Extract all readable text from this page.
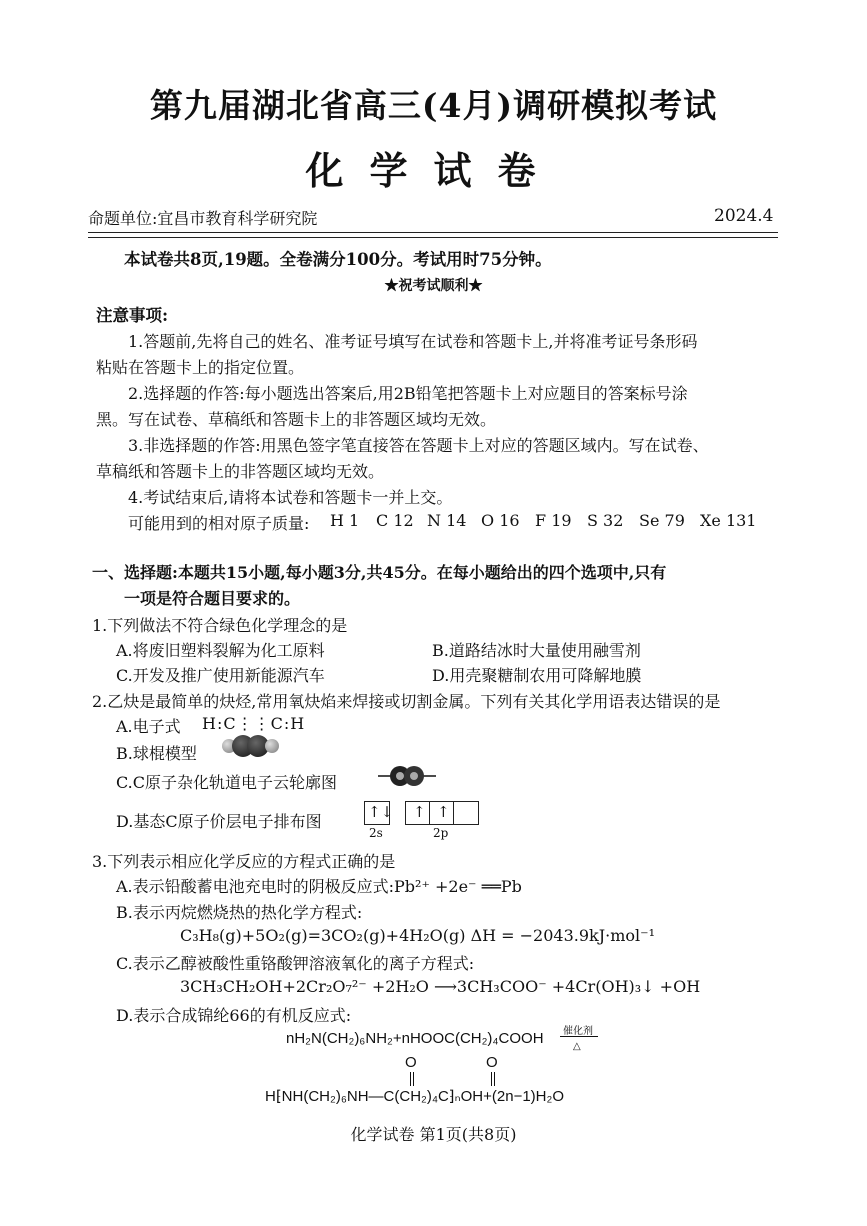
第九届湖北省高三(4月)调研模拟考试
化学试卷
命题单位:宜昌市教育科学研究院	2024.4
本试卷共8页,19题。全卷满分100分。考试用时75分钟。
★祝考试顺利★
注意事项:
1.答题前,先将自己的姓名、准考证号填写在试卷和答题卡上,并将准考证号条形码
粘贴在答题卡上的指定位置。
2.选择题的作答:每小题选出答案后,用2B铅笔把答题卡上对应题目的答案标号涂
黑。写在试卷、草稿纸和答题卡上的非答题区域均无效。
3.非选择题的作答:用黑色签字笔直接答在答题卡上对应的答题区域内。写在试卷、
草稿纸和答题卡上的非答题区域均无效。
4.考试结束后,请将本试卷和答题卡一并上交。
可能用到的相对原子质量: H 1 C 12 N 14 O 16 F 19 S 32 Se 79 Xe 131
一、选择题:本题共15小题,每小题3分,共45分。在每小题给出的四个选项中,只有
一项是符合题目要求的。
1.下列做法不符合绿色化学理念的是
A.将废旧塑料裂解为化工原料	B.道路结冰时大量使用融雪剂
C.开发及推广使用新能源汽车	D.用壳聚糖制农用可降解地膜
2.乙炔是最简单的炔烃,常用氧炔焰来焊接或切割金属。下列有关其化学用语表达错误的是
A.电子式 H:C⋮⋮C:H
B.球棍模型
C.C原子杂化轨道电子云轮廓图
D.基态C原子价层电子排布图	↑↓ ↑ ↑
2s	2p
3.下列表示相应化学反应的方程式正确的是
A.表示铅酸蓄电池充电时的阴极反应式:Pb²⁺ +2e⁻ ══Pb
B.表示丙烷燃烧热的热化学方程式:
C₃H₈(g)+5O₂(g)=3CO₂(g)+4H₂O(g) ΔH = −2043.9kJ·mol⁻¹
C.表示乙醇被酸性重铬酸钾溶液氧化的离子方程式:
3CH₃CH₂OH+2Cr₂O₇²⁻ +2H₂O ⟶3CH₃COO⁻ +4Cr(OH)₃↓ +OH
D.表示合成锦纶66的有机反应式:
nH₂N(CH₂)₆NH₂+nHOOC(CH₂)₄COOH 催化剂
△
O	O
H⁅NH(CH₂)₆NH—C(CH₂)₄C⁆ₙOH+(2n−1)H₂O
化学试卷 第1页(共8页)
